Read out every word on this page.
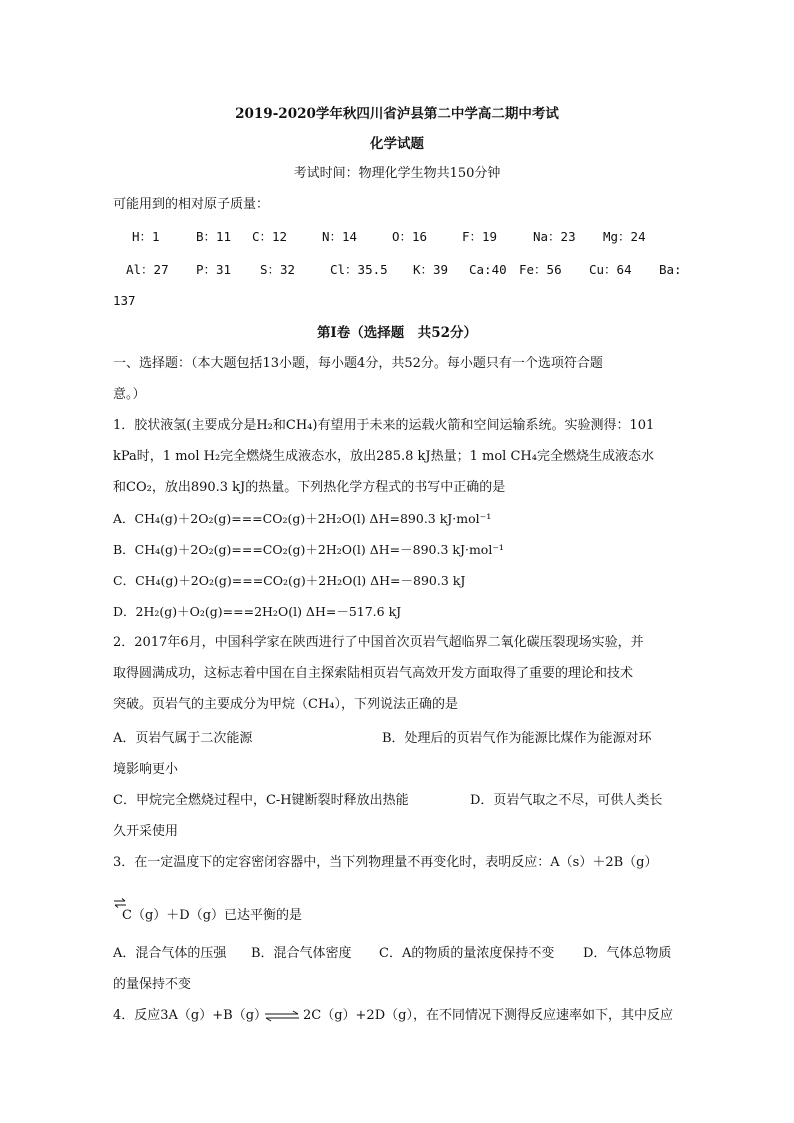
2019-2020学年秋四川省泸县第二中学高二期中考试
化学试题
考试时间：物理化学生物共150分钟
可能用到的相对原子质量：
H：1	B：11 C：12	N：14	O：16	F：19	Na：23 Mg：24
Al：27 P：31 S：32	Cl：35.5 K：39 Ca:40 Fe：56 Cu：64 Ba:
137
第Ⅰ卷（选择题　共52分）
一、选择题：（本大题包括13小题，每小题4分，共52分。每小题只有一个选项符合题
意。）
1．胶状液氢(主要成分是H₂和CH₄)有望用于未来的运载火箭和空间运输系统。实验测得：101
kPa时，1 mol H₂完全燃烧生成液态水，放出285.8 kJ热量；1 mol CH₄完全燃烧生成液态水
和CO₂，放出890.3 kJ的热量。下列热化学方程式的书写中正确的是
A．CH₄(g)＋2O₂(g)===CO₂(g)＋2H₂O(l) ΔH=890.3 kJ·mol⁻¹
B．CH₄(g)＋2O₂(g)===CO₂(g)＋2H₂O(l) ΔH=－890.3 kJ·mol⁻¹
C．CH₄(g)＋2O₂(g)===CO₂(g)＋2H₂O(l) ΔH=－890.3 kJ
D．2H₂(g)＋O₂(g)===2H₂O(l) ΔH=－517.6 kJ
2．2017年6月，中国科学家在陕西进行了中国首次页岩气超临界二氧化碳压裂现场实验，并
取得圆满成功，这标志着中国在自主探索陆相页岩气高效开发方面取得了重要的理论和技术
突破。页岩气的主要成分为甲烷（CH₄），下列说法正确的是
A．页岩气属于二次能源	B．处理后的页岩气作为能源比煤作为能源对环
境影响更小
C．甲烷完全燃烧过程中，C-H键断裂时释放出热能	D．页岩气取之不尽，可供人类长
久开采使用
3．在一定温度下的定容密闭容器中，当下列物理量不再变化时，表明反应：A（s）＋2B（g）
C（g）＋D（g）已达平衡的是
A．混合气体的压强 B．混合气体密度 C．A的物质的量浓度保持不变 D．气体总物质
的量保持不变
4．反应3A（g）+B（g）	2C（g）+2D（g），在不同情况下测得反应速率如下，其中反应
